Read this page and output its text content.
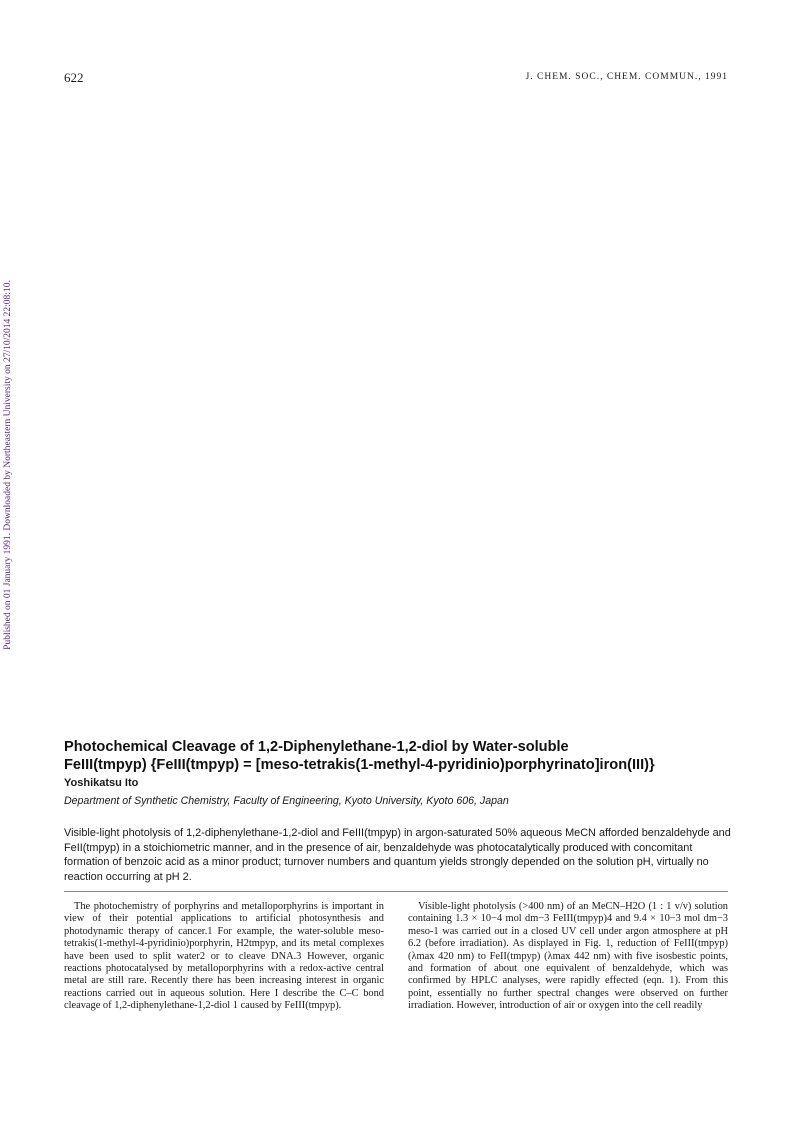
622	J. CHEM. SOC., CHEM. COMMUN., 1991
Published on 01 January 1991. Downloaded by Northeastern University on 27/10/2014 22:08:10.
Photochemical Cleavage of 1,2-Diphenylethane-1,2-diol by Water-soluble
FeIII(tmpyp) {FeIII(tmpyp) = [meso-tetrakis(1-methyl-4-pyridinio)porphyrinato]iron(III)}
Yoshikatsu Ito
Department of Synthetic Chemistry, Faculty of Engineering, Kyoto University, Kyoto 606, Japan
Visible-light photolysis of 1,2-diphenylethane-1,2-diol and FeIII(tmpyp) in argon-saturated 50% aqueous MeCN afforded benzaldehyde and FeII(tmpyp) in a stoichiometric manner, and in the presence of air, benzaldehyde was photocatalytically produced with concomitant formation of benzoic acid as a minor product; turnover numbers and quantum yields strongly depended on the solution pH, virtually no reaction occurring at pH 2.

The photochemistry of porphyrins and metalloporphyrins is important in view of their potential applications to artificial photosynthesis and photodynamic therapy of cancer.1 For example, the water-soluble meso-tetrakis(1-methyl-4-pyridinio)porphyrin, H2tmpyp, and its metal complexes have been used to split water2 or to cleave DNA.3 However, organic reactions photocatalysed by metalloporphyrins with a redox-active central metal are still rare. Recently there has been increasing interest in organic reactions carried out in aqueous solution. Here I describe the C–C bond cleavage of 1,2-diphenylethane-1,2-diol 1 caused by FeIII(tmpyp).

Visible-light photolysis (>400 nm) of an MeCN–H2O (1 : 1 v/v) solution containing 1.3 × 10−4 mol dm−3 FeIII(tmpyp)4 and 9.4 × 10−3 mol dm−3 meso-1 was carried out in a closed UV cell under argon atmosphere at pH 6.2 (before irradiation). As displayed in Fig. 1, reduction of FeIII(tmpyp) (λmax 420 nm) to FeII(tmpyp) (λmax 442 nm) with five isosbestic points, and formation of about one equivalent of benzaldehyde, which was confirmed by HPLC analyses, were rapidly effected (eqn. 1). From this point, essentially no further spectral changes were observed on further irradiation. However, introduction of air or oxygen into the cell readily
